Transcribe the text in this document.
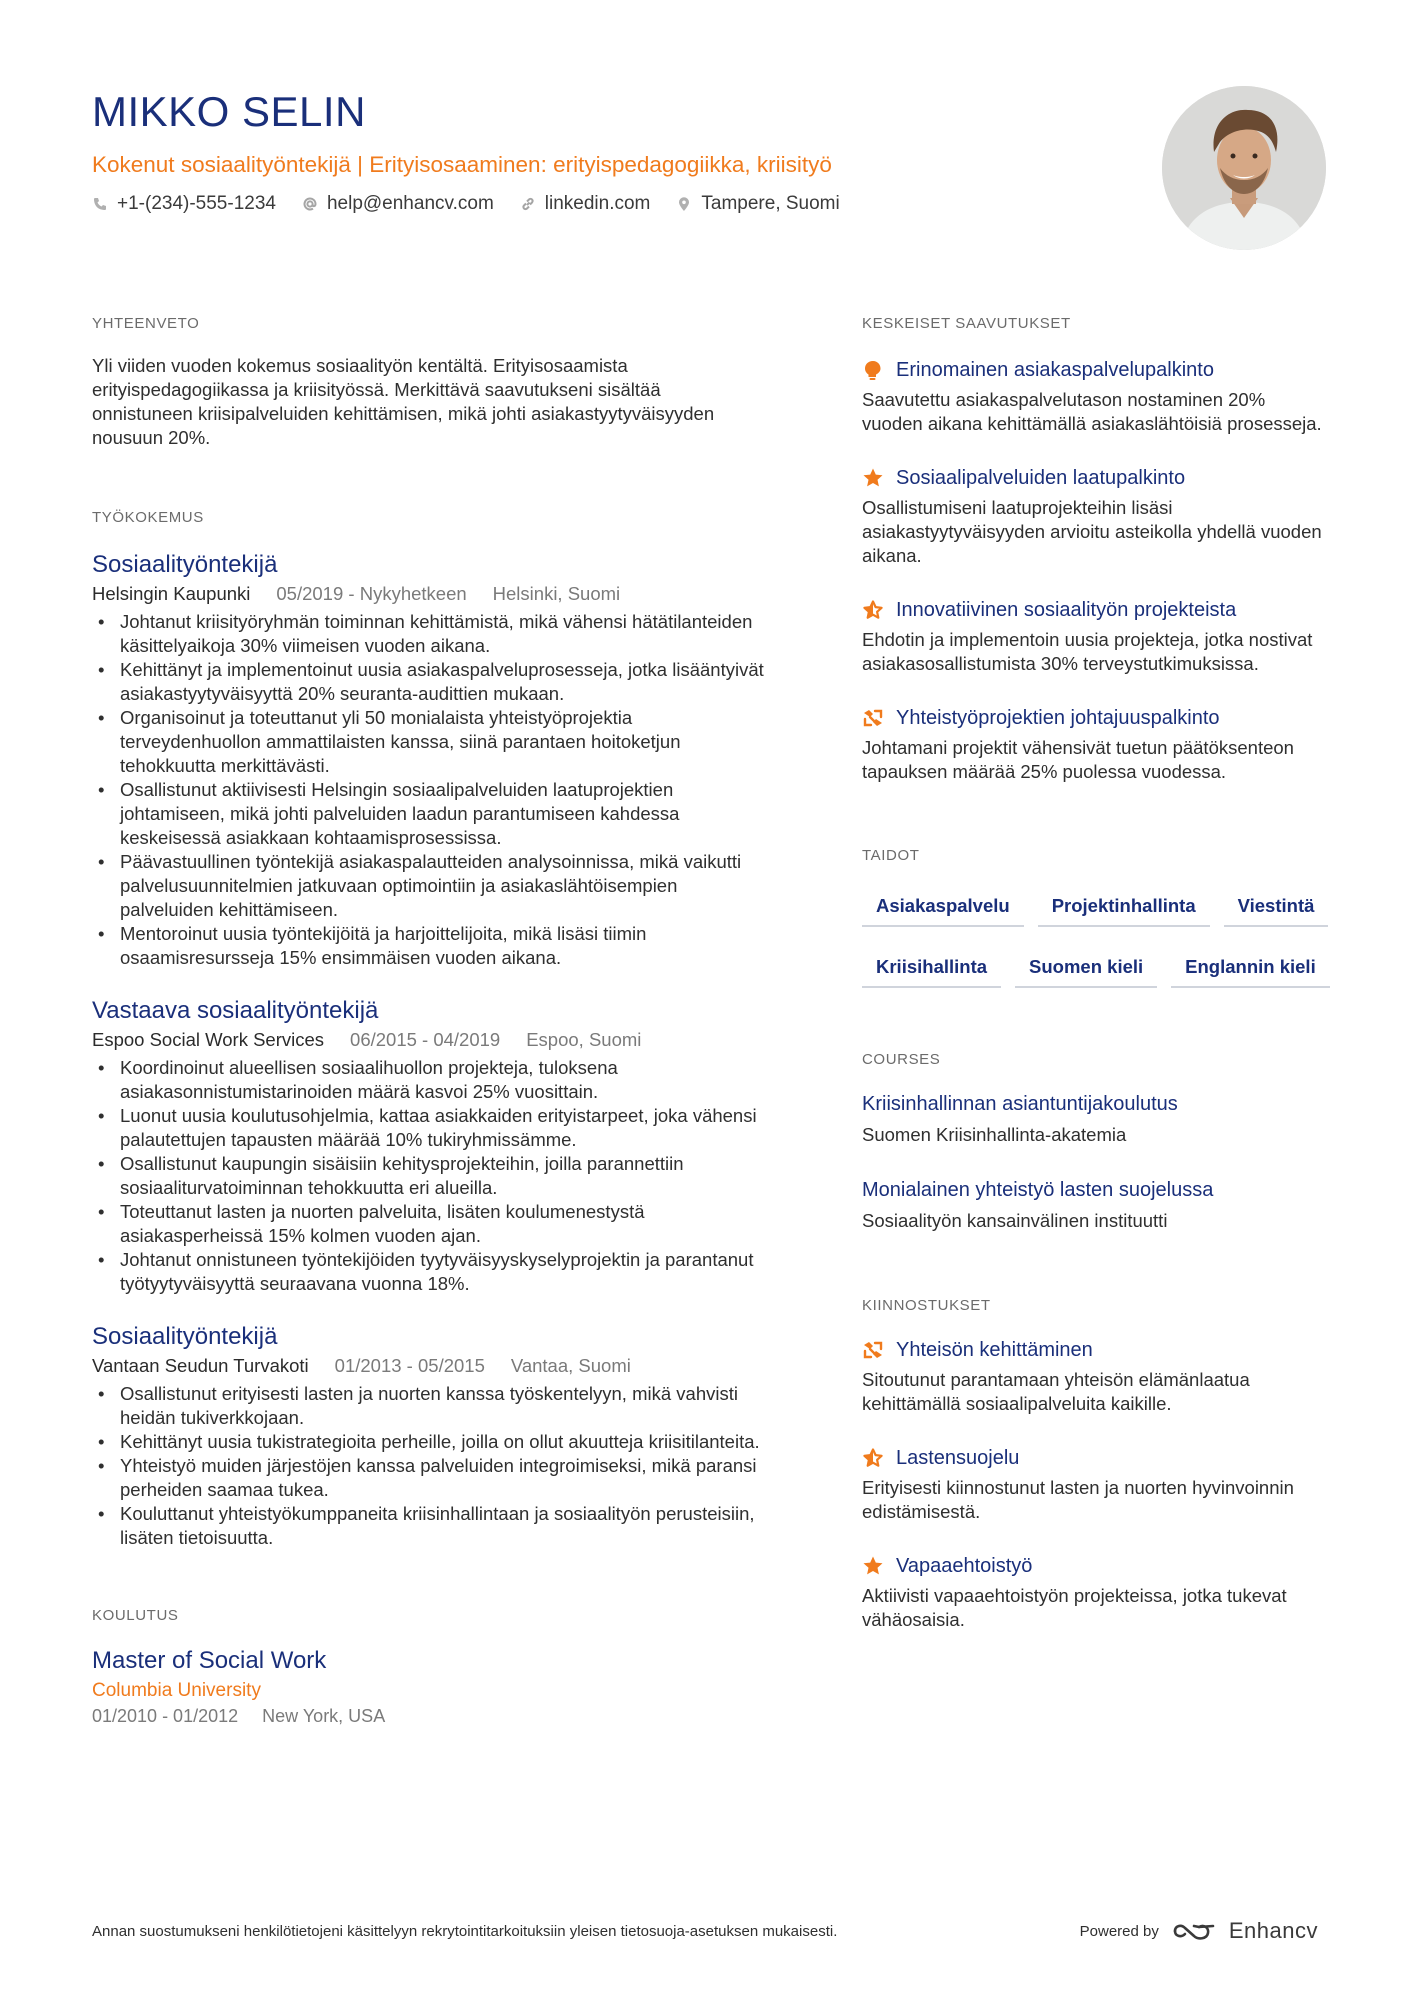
MIKKO SELIN
Kokenut sosiaalityöntekijä | Erityisosaaminen: erityispedagogiikka, kriisityö
+1-(234)-555-1234	help@enhancv.com	linkedin.com	Tampere, Suomi
YHTEENVETO
Yli viiden vuoden kokemus sosiaalityön kentältä. Erityisosaamista erityispedagogiikassa ja kriisityössä. Merkittävä saavutukseni sisältää onnistuneen kriisipalveluiden kehittämisen, mikä johti asiakastyytyväisyyden nousuun 20%.
TYÖKOKEMUS
Sosiaalityöntekijä
Helsingin Kaupunki 05/2019 - Nykyhetkeen Helsinki, Suomi
• Johtanut kriisityöryhmän toiminnan kehittämistä, mikä vähensi hätätilanteiden käsittelyaikoja 30% viimeisen vuoden aikana.
• Kehittänyt ja implementoinut uusia asiakaspalveluprosesseja, jotka lisääntyivät asiakastyytyväisyyttä 20% seuranta-audittien mukaan.
• Organisoinut ja toteuttanut yli 50 monialaista yhteistyöprojektia terveydenhuollon ammattilaisten kanssa, siinä parantaen hoitoketjun tehokkuutta merkittävästi.
• Osallistunut aktiivisesti Helsingin sosiaalipalveluiden laatuprojektien johtamiseen, mikä johti palveluiden laadun parantumiseen kahdessa keskeisessä asiakkaan kohtaamisprosessissa.
• Päävastuullinen työntekijä asiakaspalautteiden analysoinnissa, mikä vaikutti palvelusuunnitelmien jatkuvaan optimointiin ja asiakaslähtöisempien palveluiden kehittämiseen.
• Mentoroinut uusia työntekijöitä ja harjoittelijoita, mikä lisäsi tiimin osaamisresursseja 15% ensimmäisen vuoden aikana.
Vastaava sosiaalityöntekijä
Espoo Social Work Services 06/2015 - 04/2019 Espoo, Suomi
• Koordinoinut alueellisen sosiaalihuollon projekteja, tuloksena asiakasonnistumistarinoiden määrä kasvoi 25% vuosittain.
• Luonut uusia koulutusohjelmia, kattaa asiakkaiden erityistarpeet, joka vähensi palautettujen tapausten määrää 10% tukiryhmissämme.
• Osallistunut kaupungin sisäisiin kehitysprojekteihin, joilla parannettiin sosiaaliturvatoiminnan tehokkuutta eri alueilla.
• Toteuttanut lasten ja nuorten palveluita, lisäten koulumenestystä asiakasperheissä 15% kolmen vuoden ajan.
• Johtanut onnistuneen työntekijöiden tyytyväisyyskyselyprojektin ja parantanut työtyytyväisyyttä seuraavana vuonna 18%.
Sosiaalityöntekijä
Vantaan Seudun Turvakoti 01/2013 - 05/2015 Vantaa, Suomi
• Osallistunut erityisesti lasten ja nuorten kanssa työskentelyyn, mikä vahvisti heidän tukiverkkojaan.
• Kehittänyt uusia tukistrategioita perheille, joilla on ollut akuutteja kriisitilanteita.
• Yhteistyö muiden järjestöjen kanssa palveluiden integroimiseksi, mikä paransi perheiden saamaa tukea.
• Kouluttanut yhteistyökumppaneita kriisinhallintaan ja sosiaalityön perusteisiin, lisäten tietoisuutta.
KOULUTUS
Master of Social Work
Columbia University
01/2010 - 01/2012 New York, USA
KESKEISET SAAVUTUKSET
Erinomainen asiakaspalvelupalkinto
Saavutettu asiakaspalvelutason nostaminen 20% vuoden aikana kehittämällä asiakaslähtöisiä prosesseja.
Sosiaalipalveluiden laatupalkinto
Osallistumiseni laatuprojekteihin lisäsi asiakastyytyväisyyden arvioitu asteikolla yhdellä vuoden aikana.
Innovatiivinen sosiaalityön projekteista
Ehdotin ja implementoin uusia projekteja, jotka nostivat asiakasosallistumista 30% terveystutkimuksissa.
Yhteistyöprojektien johtajuuspalkinto
Johtamani projektit vähensivät tuetun päätöksenteon tapauksen määrää 25% puolessa vuodessa.
TAIDOT
Asiakaspalvelu	Projektinhallinta	Viestintä
Kriisihallinta	Suomen kieli	Englannin kieli
COURSES
Kriisinhallinnan asiantuntijakoulutus
Suomen Kriisinhallinta-akatemia
Monialainen yhteistyö lasten suojelussa
Sosiaalityön kansainvälinen instituutti
KIINNOSTUKSET
Yhteisön kehittäminen
Sitoutunut parantamaan yhteisön elämänlaatua kehittämällä sosiaalipalveluita kaikille.
Lastensuojelu
Erityisesti kiinnostunut lasten ja nuorten hyvinvoinnin edistämisestä.
Vapaaehtoistyö
Aktiivisti vapaaehtoistyön projekteissa, jotka tukevat vähäosaisia.
Annan suostumukseni henkilötietojeni käsittelyyn rekrytointitarkoituksiin yleisen tietosuoja-asetuksen mukaisesti.	Powered by	Enhancv
